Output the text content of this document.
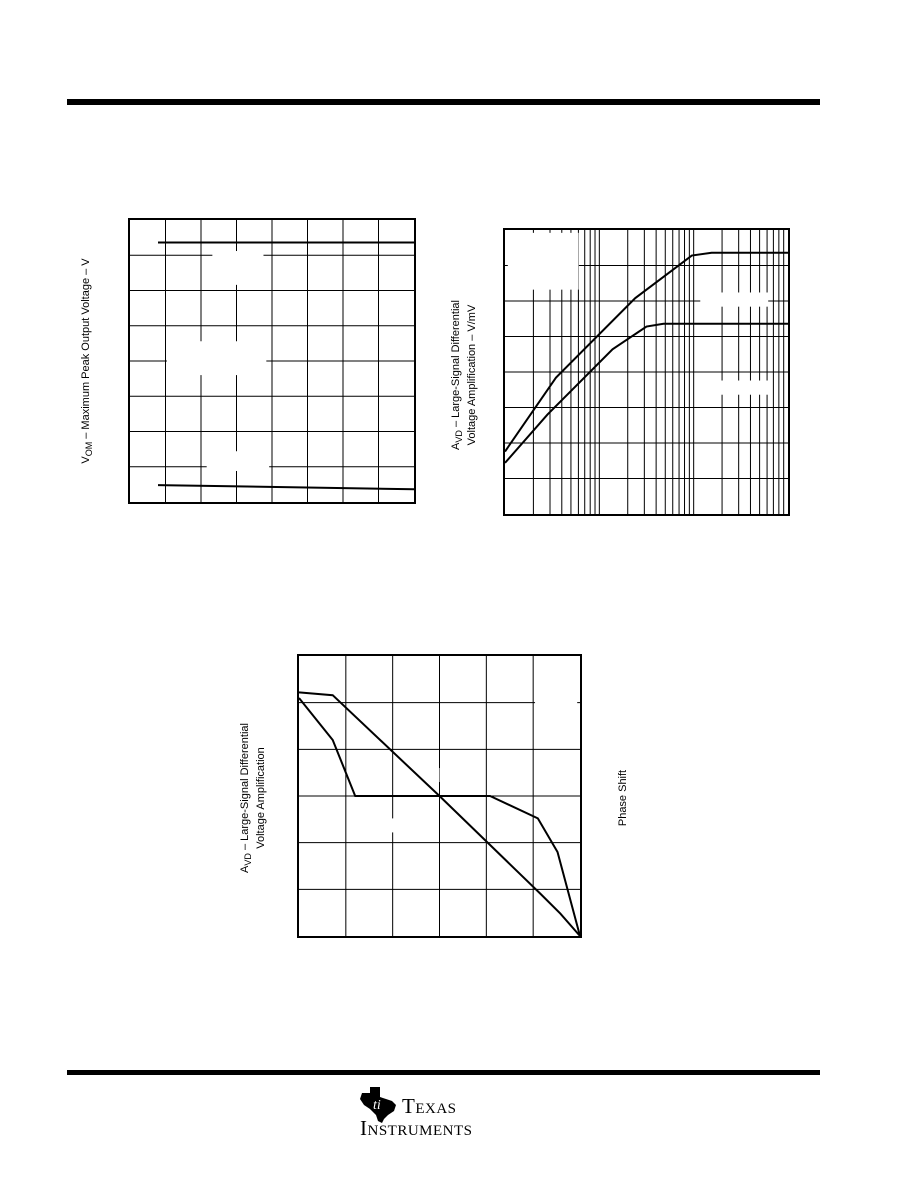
$V_{OM}$ – Maximum Peak Output Voltage – V
$A_{VD}$ – Large-Signal Differential Voltage Amplification – V/mV
$A_{VD}$ – Large-Signal Differential Voltage Amplification	Phase Shift
ti Texas
Instruments
